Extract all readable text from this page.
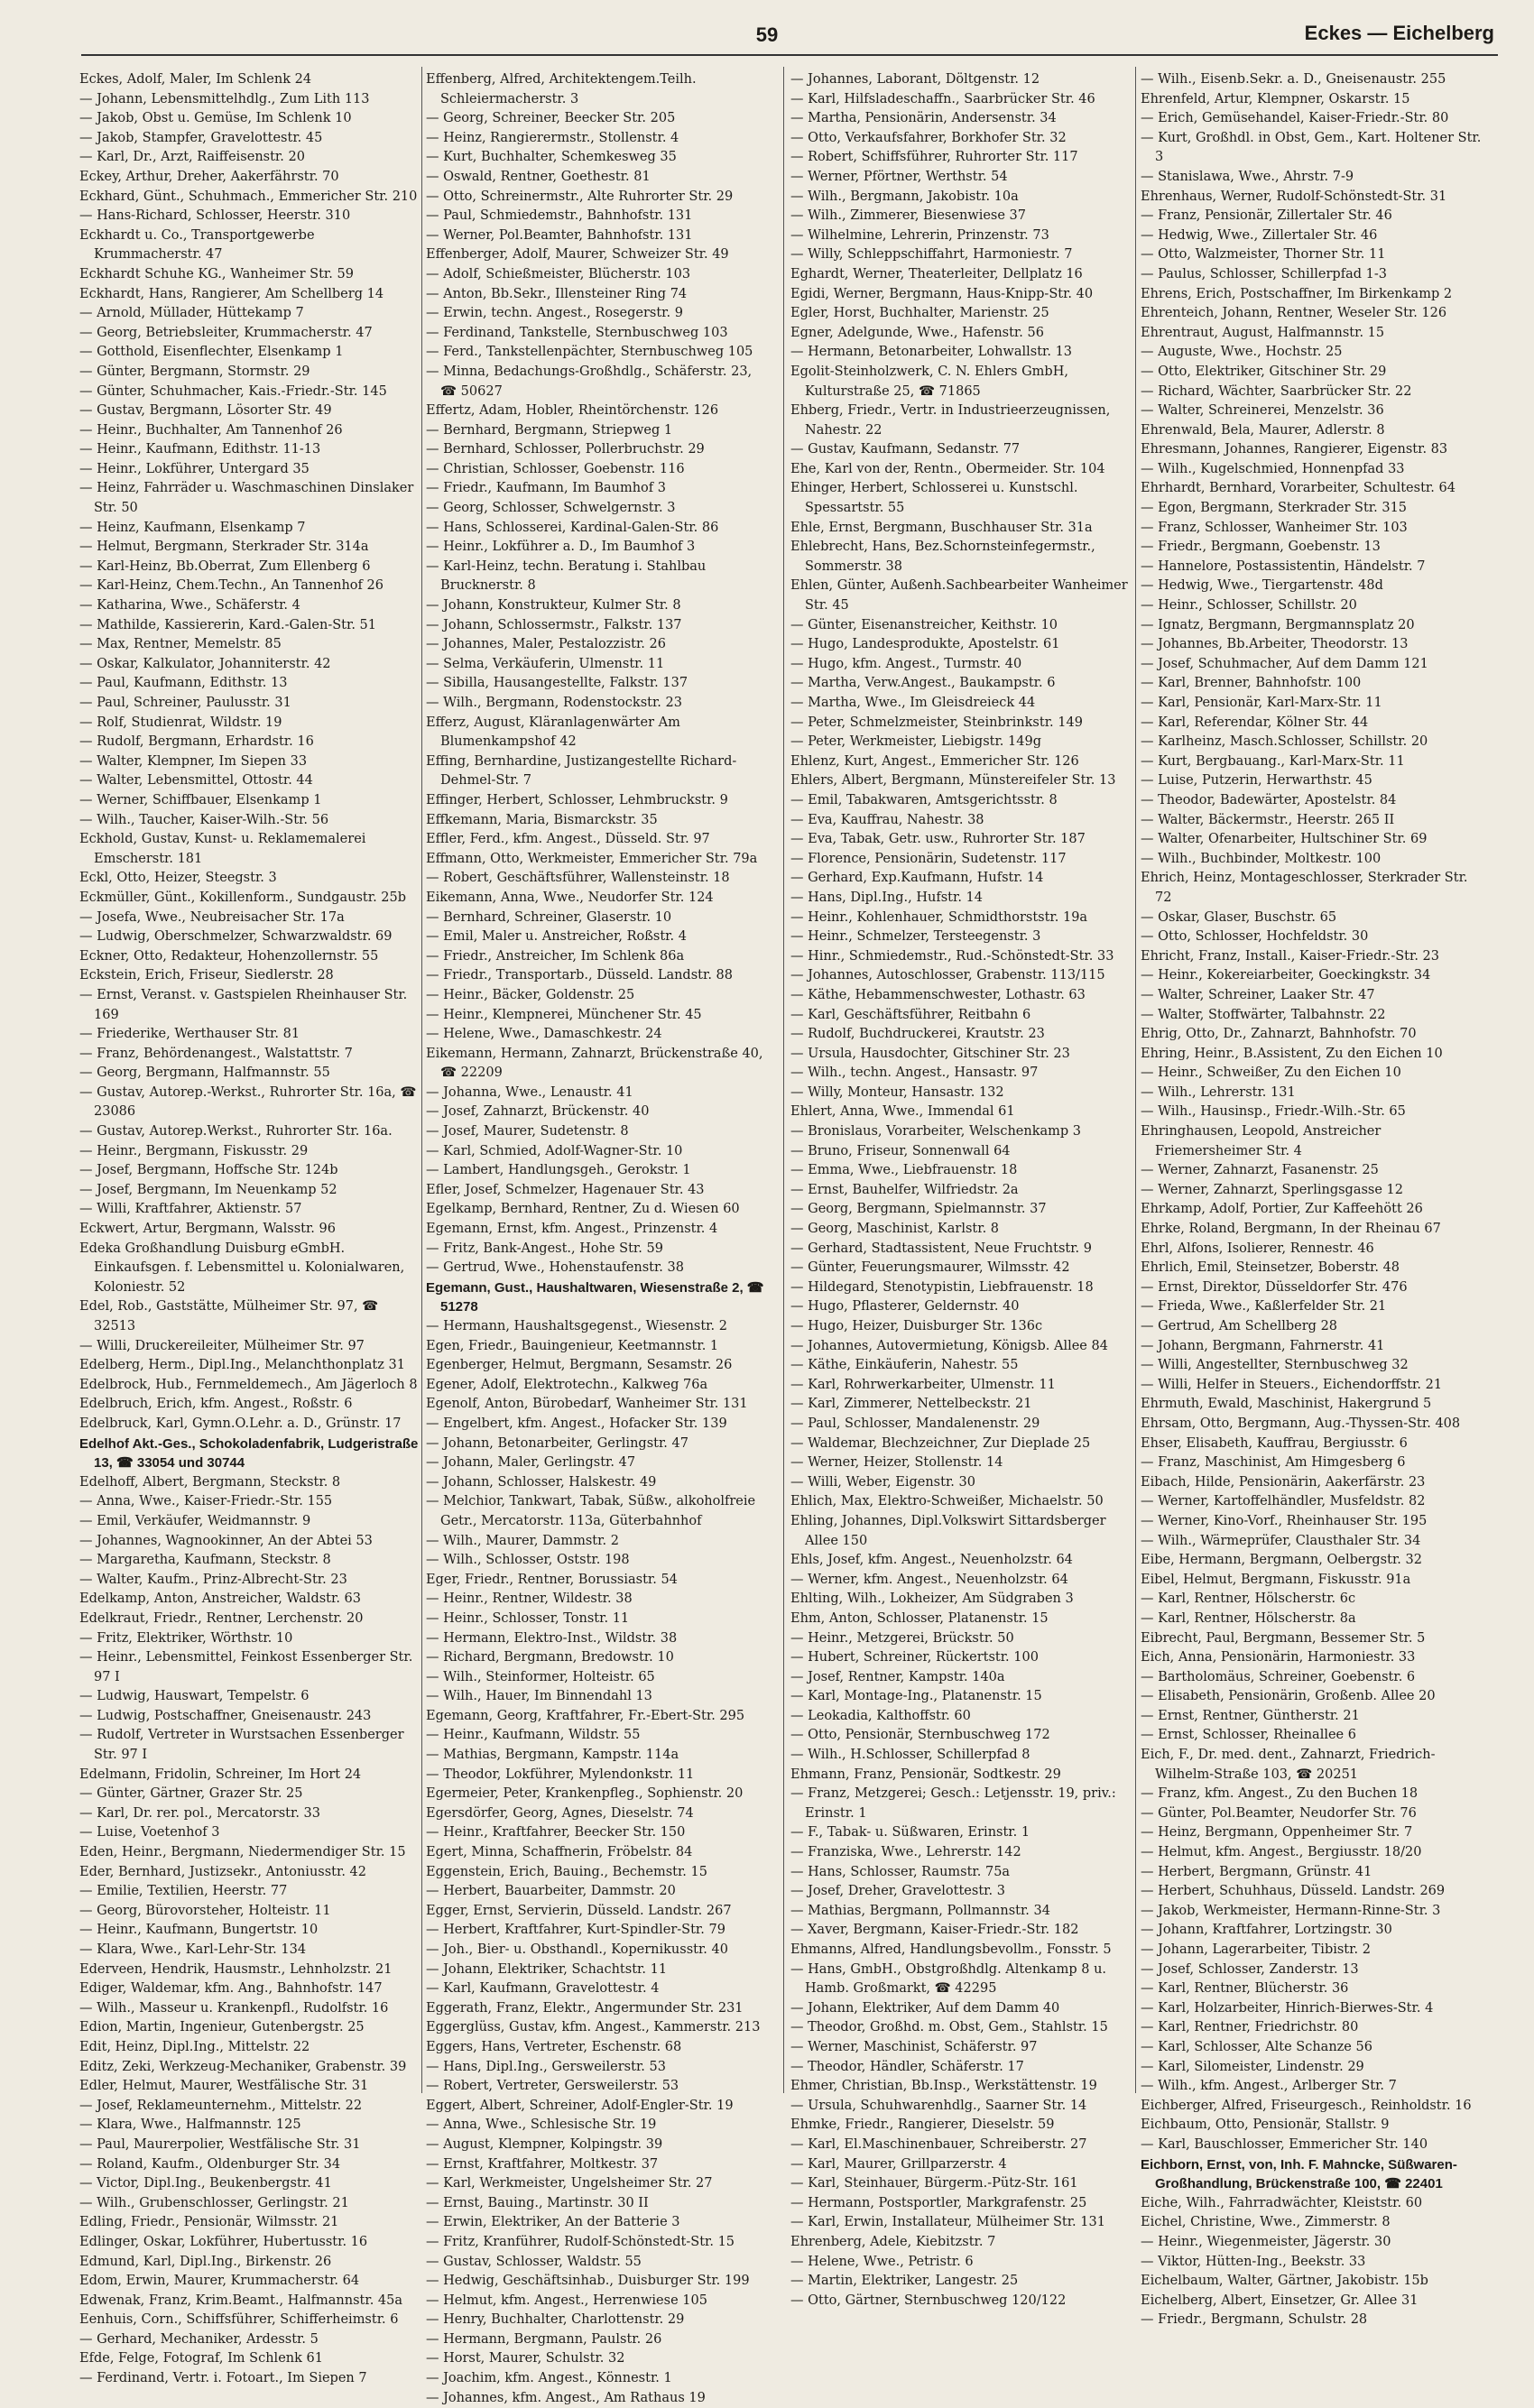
59	Eckes — Eichelberg
Eckes, Adolf, Maler, Im Schlenk 24
— Johann, Lebensmittelhdlg., Zum Lith 113
— Jakob, Obst u. Gemüse, Im Schlenk 10
— Jakob, Stampfer, Gravelottestr. 45
— Karl, Dr., Arzt, Raiffeisenstr. 20
Eckey, Arthur, Dreher, Aakerfährstr. 70
Eckhard, Günt., Schuhmach., Emmericher Str. 210
— Hans-Richard, Schlosser, Heerstr. 310
Eckhardt u. Co., Transportgewerbe Krummacherstr. 47
Eckhardt Schuhe KG., Wanheimer Str. 59
Eckhardt, Hans, Rangierer, Am Schellberg 14
— Arnold, Müllader, Hüttekamp 7
— Georg, Betriebsleiter, Krummacherstr. 47
— Gotthold, Eisenflechter, Elsenkamp 1
— Günter, Bergmann, Stormstr. 29
— Günter, Schuhmacher, Kais.-Friedr.-Str. 145
— Gustav, Bergmann, Lösorter Str. 49
— Heinr., Buchhalter, Am Tannenhof 26
— Heinr., Kaufmann, Edithstr. 11-13
— Heinr., Lokführer, Untergard 35
— Heinz, Fahrräder u. Waschmaschinen Dinslaker Str. 50
— Heinz, Kaufmann, Elsenkamp 7
— Helmut, Bergmann, Sterkrader Str. 314a
— Karl-Heinz, Bb.Oberrat, Zum Ellenberg 6
— Karl-Heinz, Chem.Techn., An Tannenhof 26
— Katharina, Wwe., Schäferstr. 4
— Mathilde, Kassiererin, Kard.-Galen-Str. 51
— Max, Rentner, Memelstr. 85
— Oskar, Kalkulator, Johanniterstr. 42
— Paul, Kaufmann, Edithstr. 13
— Paul, Schreiner, Paulusstr. 31
— Rolf, Studienrat, Wildstr. 19
— Rudolf, Bergmann, Erhardstr. 16
— Walter, Klempner, Im Siepen 33
— Walter, Lebensmittel, Ottostr. 44
— Werner, Schiffbauer, Elsenkamp 1
— Wilh., Taucher, Kaiser-Wilh.-Str. 56
Eckhold, Gustav, Kunst- u. Reklamemalerei Emscherstr. 181
Eckl, Otto, Heizer, Steegstr. 3
Eckmüller, Günt., Kokillenform., Sundgaustr. 25b
— Josefa, Wwe., Neubreisacher Str. 17a
— Ludwig, Oberschmelzer, Schwarzwaldstr. 69
Eckner, Otto, Redakteur, Hohenzollernstr. 55
Eckstein, Erich, Friseur, Siedlerstr. 28
— Ernst, Veranst. v. Gastspielen Rheinhauser Str. 169
— Friederike, Werthauser Str. 81
— Franz, Behördenangest., Walstattstr. 7
— Georg, Bergmann, Halfmannstr. 55
— Gustav, Autorep.-Werkst., Ruhrorter Str. 16a, ☎ 23086
— Gustav, Autorep.Werkst., Ruhrorter Str. 16a.
— Heinr., Bergmann, Fiskusstr. 29
— Josef, Bergmann, Hoffsche Str. 124b
— Josef, Bergmann, Im Neuenkamp 52
— Willi, Kraftfahrer, Aktienstr. 57
Eckwert, Artur, Bergmann, Walsstr. 96
Edeka Großhandlung Duisburg eGmbH. Einkaufsgen. f. Lebensmittel u. Kolonialwaren, Koloniestr. 52
Edel, Rob., Gaststätte, Mülheimer Str. 97, ☎ 32513
— Willi, Druckereileiter, Mülheimer Str. 97
Edelberg, Herm., Dipl.Ing., Melanchthonplatz 31
Edelbrock, Hub., Fernmeldemech., Am Jägerloch 8
Edelbruch, Erich, kfm. Angest., Roßstr. 6
Edelbruck, Karl, Gymn.O.Lehr. a. D., Grünstr. 17
Edelhof Akt.-Ges., Schokoladenfabrik, Ludgeristraße 13, ☎ 33054 und 30744
Edelhoff, Albert, Bergmann, Steckstr. 8
— Anna, Wwe., Kaiser-Friedr.-Str. 155
— Emil, Verkäufer, Weidmannstr. 9
— Johannes, Wagnookinner, An der Abtei 53
— Margaretha, Kaufmann, Steckstr. 8
— Walter, Kaufm., Prinz-Albrecht-Str. 23
Edelkamp, Anton, Anstreicher, Waldstr. 63
Edelkraut, Friedr., Rentner, Lerchenstr. 20
— Fritz, Elektriker, Wörthstr. 10
— Heinr., Lebensmittel, Feinkost Essenberger Str. 97 I
— Ludwig, Hauswart, Tempelstr. 6
— Ludwig, Postschaffner, Gneisenaustr. 243
— Rudolf, Vertreter in Wurstsachen Essenberger Str. 97 I
Edelmann, Fridolin, Schreiner, Im Hort 24
— Günter, Gärtner, Grazer Str. 25
— Karl, Dr. rer. pol., Mercatorstr. 33
— Luise, Voetenhof 3
Eden, Heinr., Bergmann, Niedermendiger Str. 15
Eder, Bernhard, Justizsekr., Antoniusstr. 42
— Emilie, Textilien, Heerstr. 77
— Georg, Bürovorsteher, Holteistr. 11
— Heinr., Kaufmann, Bungertstr. 10
— Klara, Wwe., Karl-Lehr-Str. 134
Ederveen, Hendrik, Hausmstr., Lehnholzstr. 21
Ediger, Waldemar, kfm. Ang., Bahnhofstr. 147
— Wilh., Masseur u. Krankenpfl., Rudolfstr. 16
Edion, Martin, Ingenieur, Gutenbergstr. 25
Edit, Heinz, Dipl.Ing., Mittelstr. 22
Editz, Zeki, Werkzeug-Mechaniker, Grabenstr. 39
Edler, Helmut, Maurer, Westfälische Str. 31
— Josef, Reklameunternehm., Mittelstr. 22
— Klara, Wwe., Halfmannstr. 125
— Paul, Maurerpolier, Westfälische Str. 31
— Roland, Kaufm., Oldenburger Str. 34
— Victor, Dipl.Ing., Beukenbergstr. 41
— Wilh., Grubenschlosser, Gerlingstr. 21
Edling, Friedr., Pensionär, Wilmsstr. 21
Edlinger, Oskar, Lokführer, Hubertusstr. 16
Edmund, Karl, Dipl.Ing., Birkenstr. 26
Edom, Erwin, Maurer, Krummacherstr. 64
Edwenak, Franz, Krim.Beamt., Halfmannstr. 45a
Eenhuis, Corn., Schiffsführer, Schifferheimstr. 6
— Gerhard, Mechaniker, Ardesstr. 5
Efde, Felge, Fotograf, Im Schlenk 61
— Ferdinand, Vertr. i. Fotoart., Im Siepen 7
Effenberg, Alfred, Architektengem.Teilh. Schleiermacherstr. 3
— Georg, Schreiner, Beecker Str. 205
— Heinz, Rangierermstr., Stollenstr. 4
— Kurt, Buchhalter, Schemkesweg 35
— Oswald, Rentner, Goethestr. 81
— Otto, Schreinermstr., Alte Ruhrorter Str. 29
— Paul, Schmiedemstr., Bahnhofstr. 131
— Werner, Pol.Beamter, Bahnhofstr. 131
Effenberger, Adolf, Maurer, Schweizer Str. 49
— Adolf, Schießmeister, Blücherstr. 103
— Anton, Bb.Sekr., Illensteiner Ring 74
— Erwin, techn. Angest., Rosegerstr. 9
— Ferdinand, Tankstelle, Sternbuschweg 103
— Ferd., Tankstellenpächter, Sternbuschweg 105
— Minna, Bedachungs-Großhdlg., Schäferstr. 23, ☎ 50627
Effertz, Adam, Hobler, Rheintörchenstr. 126
— Bernhard, Bergmann, Striepweg 1
— Bernhard, Schlosser, Pollerbruchstr. 29
— Christian, Schlosser, Goebenstr. 116
— Friedr., Kaufmann, Im Baumhof 3
— Georg, Schlosser, Schwelgernstr. 3
— Hans, Schlosserei, Kardinal-Galen-Str. 86
— Heinr., Lokführer a. D., Im Baumhof 3
— Karl-Heinz, techn. Beratung i. Stahlbau Brucknerstr. 8
— Johann, Konstrukteur, Kulmer Str. 8
— Johann, Schlossermstr., Falkstr. 137
— Johannes, Maler, Pestalozzistr. 26
— Selma, Verkäuferin, Ulmenstr. 11
— Sibilla, Hausangestellte, Falkstr. 137
— Wilh., Bergmann, Rodenstockstr. 23
Efferz, August, Kläranlagenwärter Am Blumenkampshof 42
Effing, Bernhardine, Justizangestellte Richard-Dehmel-Str. 7
Effinger, Herbert, Schlosser, Lehmbruckstr. 9
Effkemann, Maria, Bismarckstr. 35
Effler, Ferd., kfm. Angest., Düsseld. Str. 97
Effmann, Otto, Werkmeister, Emmericher Str. 79a
— Robert, Geschäftsführer, Wallensteinstr. 18
Eikemann, Anna, Wwe., Neudorfer Str. 124
— Bernhard, Schreiner, Glaserstr. 10
— Emil, Maler u. Anstreicher, Roßstr. 4
— Friedr., Anstreicher, Im Schlenk 86a
— Friedr., Transportarb., Düsseld. Landstr. 88
— Heinr., Bäcker, Goldenstr. 25
— Heinr., Klempnerei, Münchener Str. 45
— Helene, Wwe., Damaschkestr. 24
Eikemann, Hermann, Zahnarzt, Brückenstraße 40, ☎ 22209
— Johanna, Wwe., Lenaustr. 41
— Josef, Zahnarzt, Brückenstr. 40
— Josef, Maurer, Sudetenstr. 8
— Karl, Schmied, Adolf-Wagner-Str. 10
— Lambert, Handlungsgeh., Gerokstr. 1
Efler, Josef, Schmelzer, Hagenauer Str. 43
Egelkamp, Bernhard, Rentner, Zu d. Wiesen 60
Egemann, Ernst, kfm. Angest., Prinzenstr. 4
— Fritz, Bank-Angest., Hohe Str. 59
— Gertrud, Wwe., Hohenstaufenstr. 38
Egemann, Gust., Haushaltwaren, Wiesenstraße 2, ☎ 51278
— Hermann, Haushaltsgegenst., Wiesenstr. 2
Egen, Friedr., Bauingenieur, Keetmannstr. 1
Egenberger, Helmut, Bergmann, Sesamstr. 26
Egener, Adolf, Elektrotechn., Kalkweg 76a
Egenolf, Anton, Bürobedarf, Wanheimer Str. 131
— Engelbert, kfm. Angest., Hofacker Str. 139
— Johann, Betonarbeiter, Gerlingstr. 47
— Johann, Maler, Gerlingstr. 47
— Johann, Schlosser, Halskestr. 49
— Melchior, Tankwart, Tabak, Süßw., alkoholfreie Getr., Mercatorstr. 113a, Güterbahnhof
— Wilh., Maurer, Dammstr. 2
— Wilh., Schlosser, Oststr. 198
Eger, Friedr., Rentner, Borussiastr. 54
— Heinr., Rentner, Wildestr. 38
— Heinr., Schlosser, Tonstr. 11
— Hermann, Elektro-Inst., Wildstr. 38
— Richard, Bergmann, Bredowstr. 10
— Wilh., Steinformer, Holteistr. 65
— Wilh., Hauer, Im Binnendahl 13
Egemann, Georg, Kraftfahrer, Fr.-Ebert-Str. 295
— Heinr., Kaufmann, Wildstr. 55
— Mathias, Bergmann, Kampstr. 114a
— Theodor, Lokführer, Mylendonkstr. 11
Egermeier, Peter, Krankenpfleg., Sophienstr. 20
Egersdörfer, Georg, Agnes, Dieselstr. 74
— Heinr., Kraftfahrer, Beecker Str. 150
Egert, Minna, Schaffnerin, Fröbelstr. 84
Eggenstein, Erich, Bauing., Bechemstr. 15
— Herbert, Bauarbeiter, Dammstr. 20
Egger, Ernst, Servierin, Düsseld. Landstr. 267
— Herbert, Kraftfahrer, Kurt-Spindler-Str. 79
— Joh., Bier- u. Obsthandl., Kopernikusstr. 40
— Johann, Elektriker, Schachtstr. 11
— Karl, Kaufmann, Gravelottestr. 4
Eggerath, Franz, Elektr., Angermunder Str. 231
Eggerglüss, Gustav, kfm. Angest., Kammerstr. 213
Eggers, Hans, Vertreter, Eschenstr. 68
— Hans, Dipl.Ing., Gersweilerstr. 53
— Robert, Vertreter, Gersweilerstr. 53
Eggert, Albert, Schreiner, Adolf-Engler-Str. 19
— Anna, Wwe., Schlesische Str. 19
— August, Klempner, Kolpingstr. 39
— Ernst, Kraftfahrer, Moltkestr. 37
— Karl, Werkmeister, Ungelsheimer Str. 27
— Ernst, Bauing., Martinstr. 30 II
— Erwin, Elektriker, An der Batterie 3
— Fritz, Kranführer, Rudolf-Schönstedt-Str. 15
— Gustav, Schlosser, Waldstr. 55
— Hedwig, Geschäftsinhab., Duisburger Str. 199
— Helmut, kfm. Angest., Herrenwiese 105
— Henry, Buchhalter, Charlottenstr. 29
— Hermann, Bergmann, Paulstr. 26
— Horst, Maurer, Schulstr. 32
— Joachim, kfm. Angest., Könnestr. 1
— Johannes, kfm. Angest., Am Rathaus 19
— Johannes, Laborant, Döltgenstr. 12
— Karl, Hilfsladeschaffn., Saarbrücker Str. 46
— Martha, Pensionärin, Andersenstr. 34
— Otto, Verkaufsfahrer, Borkhofer Str. 32
— Robert, Schiffsführer, Ruhrorter Str. 117
— Werner, Pförtner, Werthstr. 54
— Wilh., Bergmann, Jakobistr. 10a
— Wilh., Zimmerer, Biesenwiese 37
— Wilhelmine, Lehrerin, Prinzenstr. 73
— Willy, Schleppschiffahrt, Harmoniestr. 7
Eghardt, Werner, Theaterleiter, Dellplatz 16
Egidi, Werner, Bergmann, Haus-Knipp-Str. 40
Egler, Horst, Buchhalter, Marienstr. 25
Egner, Adelgunde, Wwe., Hafenstr. 56
— Hermann, Betonarbeiter, Lohwallstr. 13
Egolit-Steinholzwerk, C. N. Ehlers GmbH, Kulturstraße 25, ☎ 71865
Ehberg, Friedr., Vertr. in Industrieerzeugnissen, Nahestr. 22
— Gustav, Kaufmann, Sedanstr. 77
Ehe, Karl von der, Rentn., Obermeider. Str. 104
Ehinger, Herbert, Schlosserei u. Kunstschl. Spessartstr. 55
Ehle, Ernst, Bergmann, Buschhauser Str. 31a
Ehlebrecht, Hans, Bez.Schornsteinfegermstr., Sommerstr. 38
Ehlen, Günter, Außenh.Sachbearbeiter Wanheimer Str. 45
— Günter, Eisenanstreicher, Keithstr. 10
— Hugo, Landesprodukte, Apostelstr. 61
— Hugo, kfm. Angest., Turmstr. 40
— Martha, Verw.Angest., Baukampstr. 6
— Martha, Wwe., Im Gleisdreieck 44
— Peter, Schmelzmeister, Steinbrinkstr. 149
— Peter, Werkmeister, Liebigstr. 149g
Ehlenz, Kurt, Angest., Emmericher Str. 126
Ehlers, Albert, Bergmann, Münstereifeler Str. 13
— Emil, Tabakwaren, Amtsgerichtsstr. 8
— Eva, Kauffrau, Nahestr. 38
— Eva, Tabak, Getr. usw., Ruhrorter Str. 187
— Florence, Pensionärin, Sudetenstr. 117
— Gerhard, Exp.Kaufmann, Hufstr. 14
— Hans, Dipl.Ing., Hufstr. 14
— Heinr., Kohlenhauer, Schmidthorststr. 19a
— Heinr., Schmelzer, Tersteegenstr. 3
— Hinr., Schmiedemstr., Rud.-Schönstedt-Str. 33
— Johannes, Autoschlosser, Grabenstr. 113/115
— Käthe, Hebammenschwester, Lothastr. 63
— Karl, Geschäftsführer, Reitbahn 6
— Rudolf, Buchdruckerei, Krautstr. 23
— Ursula, Hausdochter, Gitschiner Str. 23
— Wilh., techn. Angest., Hansastr. 97
— Willy, Monteur, Hansastr. 132
Ehlert, Anna, Wwe., Immendal 61
— Bronislaus, Vorarbeiter, Welschenkamp 3
— Bruno, Friseur, Sonnenwall 64
— Emma, Wwe., Liebfrauenstr. 18
— Ernst, Bauhelfer, Wilfriedstr. 2a
— Georg, Bergmann, Spielmannstr. 37
— Georg, Maschinist, Karlstr. 8
— Gerhard, Stadtassistent, Neue Fruchtstr. 9
— Günter, Feuerungsmaurer, Wilmsstr. 42
— Hildegard, Stenotypistin, Liebfrauenstr. 18
— Hugo, Pflasterer, Geldernstr. 40
— Hugo, Heizer, Duisburger Str. 136c
— Johannes, Autovermietung, Königsb. Allee 84
— Käthe, Einkäuferin, Nahestr. 55
— Karl, Rohrwerkarbeiter, Ulmenstr. 11
— Karl, Zimmerer, Nettelbeckstr. 21
— Paul, Schlosser, Mandalenenstr. 29
— Waldemar, Blechzeichner, Zur Dieplade 25
— Werner, Heizer, Stollenstr. 14
— Willi, Weber, Eigenstr. 30
Ehlich, Max, Elektro-Schweißer, Michaelstr. 50
Ehling, Johannes, Dipl.Volkswirt Sittardsberger Allee 150
Ehls, Josef, kfm. Angest., Neuenholzstr. 64
— Werner, kfm. Angest., Neuenholzstr. 64
Ehlting, Wilh., Lokheizer, Am Südgraben 3
Ehm, Anton, Schlosser, Platanenstr. 15
— Heinr., Metzgerei, Brückstr. 50
— Hubert, Schreiner, Rückertstr. 100
— Josef, Rentner, Kampstr. 140a
— Karl, Montage-Ing., Platanenstr. 15
— Leokadia, Kalthoffstr. 60
— Otto, Pensionär, Sternbuschweg 172
— Wilh., H.Schlosser, Schillerpfad 8
Ehmann, Franz, Pensionär, Sodtkestr. 29
— Franz, Metzgerei; Gesch.: Letjensstr. 19, priv.: Erinstr. 1
— F., Tabak- u. Süßwaren, Erinstr. 1
— Franziska, Wwe., Lehrerstr. 142
— Hans, Schlosser, Raumstr. 75a
— Josef, Dreher, Gravelottestr. 3
— Mathias, Bergmann, Pollmannstr. 34
— Xaver, Bergmann, Kaiser-Friedr.-Str. 182
Ehmanns, Alfred, Handlungsbevollm., Fonsstr. 5
— Hans, GmbH., Obstgroßhdlg. Altenkamp 8 u. Hamb. Großmarkt, ☎ 42295
— Johann, Elektriker, Auf dem Damm 40
— Theodor, Großhd. m. Obst, Gem., Stahlstr. 15
— Werner, Maschinist, Schäferstr. 97
— Theodor, Händler, Schäferstr. 17
Ehmer, Christian, Bb.Insp., Werkstättenstr. 19
— Ursula, Schuhwarenhdlg., Saarner Str. 14
Ehmke, Friedr., Rangierer, Dieselstr. 59
— Karl, El.Maschinenbauer, Schreiberstr. 27
— Karl, Maurer, Grillparzerstr. 4
— Karl, Steinhauer, Bürgerm.-Pütz-Str. 161
— Hermann, Postsportler, Markgrafenstr. 25
— Karl, Erwin, Installateur, Mülheimer Str. 131
Ehrenberg, Adele, Kiebitzstr. 7
— Helene, Wwe., Petristr. 6
— Martin, Elektriker, Langestr. 25
— Otto, Gärtner, Sternbuschweg 120/122
— Wilh., Eisenb.Sekr. a. D., Gneisenaustr. 255
Ehrenfeld, Artur, Klempner, Oskarstr. 15
— Erich, Gemüsehandel, Kaiser-Friedr.-Str. 80
— Kurt, Großhdl. in Obst, Gem., Kart. Holtener Str. 3
— Stanislawa, Wwe., Ahrstr. 7-9
Ehrenhaus, Werner, Rudolf-Schönstedt-Str. 31
— Franz, Pensionär, Zillertaler Str. 46
— Hedwig, Wwe., Zillertaler Str. 46
— Otto, Walzmeister, Thorner Str. 11
— Paulus, Schlosser, Schillerpfad 1-3
Ehrens, Erich, Postschaffner, Im Birkenkamp 2
Ehrenteich, Johann, Rentner, Weseler Str. 126
Ehrentraut, August, Halfmannstr. 15
— Auguste, Wwe., Hochstr. 25
— Otto, Elektriker, Gitschiner Str. 29
— Richard, Wächter, Saarbrücker Str. 22
— Walter, Schreinerei, Menzelstr. 36
Ehrenwald, Bela, Maurer, Adlerstr. 8
Ehresmann, Johannes, Rangierer, Eigenstr. 83
— Wilh., Kugelschmied, Honnenpfad 33
Ehrhardt, Bernhard, Vorarbeiter, Schultestr. 64
— Egon, Bergmann, Sterkrader Str. 315
— Franz, Schlosser, Wanheimer Str. 103
— Friedr., Bergmann, Goebenstr. 13
— Hannelore, Postassistentin, Händelstr. 7
— Hedwig, Wwe., Tiergartenstr. 48d
— Heinr., Schlosser, Schillstr. 20
— Ignatz, Bergmann, Bergmannsplatz 20
— Johannes, Bb.Arbeiter, Theodorstr. 13
— Josef, Schuhmacher, Auf dem Damm 121
— Karl, Brenner, Bahnhofstr. 100
— Karl, Pensionär, Karl-Marx-Str. 11
— Karl, Referendar, Kölner Str. 44
— Karlheinz, Masch.Schlosser, Schillstr. 20
— Kurt, Bergbauang., Karl-Marx-Str. 11
— Luise, Putzerin, Herwarthstr. 45
— Theodor, Badewärter, Apostelstr. 84
— Walter, Bäckermstr., Heerstr. 265 II
— Walter, Ofenarbeiter, Hultschiner Str. 69
— Wilh., Buchbinder, Moltkestr. 100
Ehrich, Heinz, Montageschlosser, Sterkrader Str. 72
— Oskar, Glaser, Buschstr. 65
— Otto, Schlosser, Hochfeldstr. 30
Ehricht, Franz, Install., Kaiser-Friedr.-Str. 23
— Heinr., Kokereiarbeiter, Goeckingkstr. 34
— Walter, Schreiner, Laaker Str. 47
— Walter, Stoffwärter, Talbahnstr. 22
Ehrig, Otto, Dr., Zahnarzt, Bahnhofstr. 70
Ehring, Heinr., B.Assistent, Zu den Eichen 10
— Heinr., Schweißer, Zu den Eichen 10
— Wilh., Lehrerstr. 131
— Wilh., Hausinsp., Friedr.-Wilh.-Str. 65
Ehringhausen, Leopold, Anstreicher Friemersheimer Str. 4
— Werner, Zahnarzt, Fasanenstr. 25
— Werner, Zahnarzt, Sperlingsgasse 12
Ehrkamp, Adolf, Portier, Zur Kaffeehött 26
Ehrke, Roland, Bergmann, In der Rheinau 67
Ehrl, Alfons, Isolierer, Rennestr. 46
Ehrlich, Emil, Steinsetzer, Boberstr. 48
— Ernst, Direktor, Düsseldorfer Str. 476
— Frieda, Wwe., Kaßlerfelder Str. 21
— Gertrud, Am Schellberg 28
— Johann, Bergmann, Fahrnerstr. 41
— Willi, Angestellter, Sternbuschweg 32
— Willi, Helfer in Steuers., Eichendorffstr. 21
Ehrmuth, Ewald, Maschinist, Hakergrund 5
Ehrsam, Otto, Bergmann, Aug.-Thyssen-Str. 408
Ehser, Elisabeth, Kauffrau, Bergiusstr. 6
— Franz, Maschinist, Am Himgesberg 6
Eibach, Hilde, Pensionärin, Aakerfärstr. 23
— Werner, Kartoffelhändler, Musfeldstr. 82
— Werner, Kino-Vorf., Rheinhauser Str. 195
— Wilh., Wärmeprüfer, Clausthaler Str. 34
Eibe, Hermann, Bergmann, Oelbergstr. 32
Eibel, Helmut, Bergmann, Fiskusstr. 91a
— Karl, Rentner, Hölscherstr. 6c
— Karl, Rentner, Hölscherstr. 8a
Eibrecht, Paul, Bergmann, Bessemer Str. 5
Eich, Anna, Pensionärin, Harmoniestr. 33
— Bartholomäus, Schreiner, Goebenstr. 6
— Elisabeth, Pensionärin, Großenb. Allee 20
— Ernst, Rentner, Güntherstr. 21
— Ernst, Schlosser, Rheinallee 6
Eich, F., Dr. med. dent., Zahnarzt, Friedrich-Wilhelm-Straße 103, ☎ 20251
— Franz, kfm. Angest., Zu den Buchen 18
— Günter, Pol.Beamter, Neudorfer Str. 76
— Heinz, Bergmann, Oppenheimer Str. 7
— Helmut, kfm. Angest., Bergiusstr. 18/20
— Herbert, Bergmann, Grünstr. 41
— Herbert, Schuhhaus, Düsseld. Landstr. 269
— Jakob, Werkmeister, Hermann-Rinne-Str. 3
— Johann, Kraftfahrer, Lortzingstr. 30
— Johann, Lagerarbeiter, Tibistr. 2
— Josef, Schlosser, Zanderstr. 13
— Karl, Rentner, Blücherstr. 36
— Karl, Holzarbeiter, Hinrich-Bierwes-Str. 4
— Karl, Rentner, Friedrichstr. 80
— Karl, Schlosser, Alte Schanze 56
— Karl, Silomeister, Lindenstr. 29
— Wilh., kfm. Angest., Arlberger Str. 7
Eichberger, Alfred, Friseurgesch., Reinholdstr. 16
Eichbaum, Otto, Pensionär, Stallstr. 9
— Karl, Bauschlosser, Emmericher Str. 140
Eichborn, Ernst, von, Inh. F. Mahncke, Süßwaren-Großhandlung, Brückenstraße 100, ☎ 22401
Eiche, Wilh., Fahrradwächter, Kleiststr. 60
Eichel, Christine, Wwe., Zimmerstr. 8
— Heinr., Wiegenmeister, Jägerstr. 30
— Viktor, Hütten-Ing., Beekstr. 33
Eichelbaum, Walter, Gärtner, Jakobistr. 15b
Eichelberg, Albert, Einsetzer, Gr. Allee 31
— Friedr., Bergmann, Schulstr. 28
